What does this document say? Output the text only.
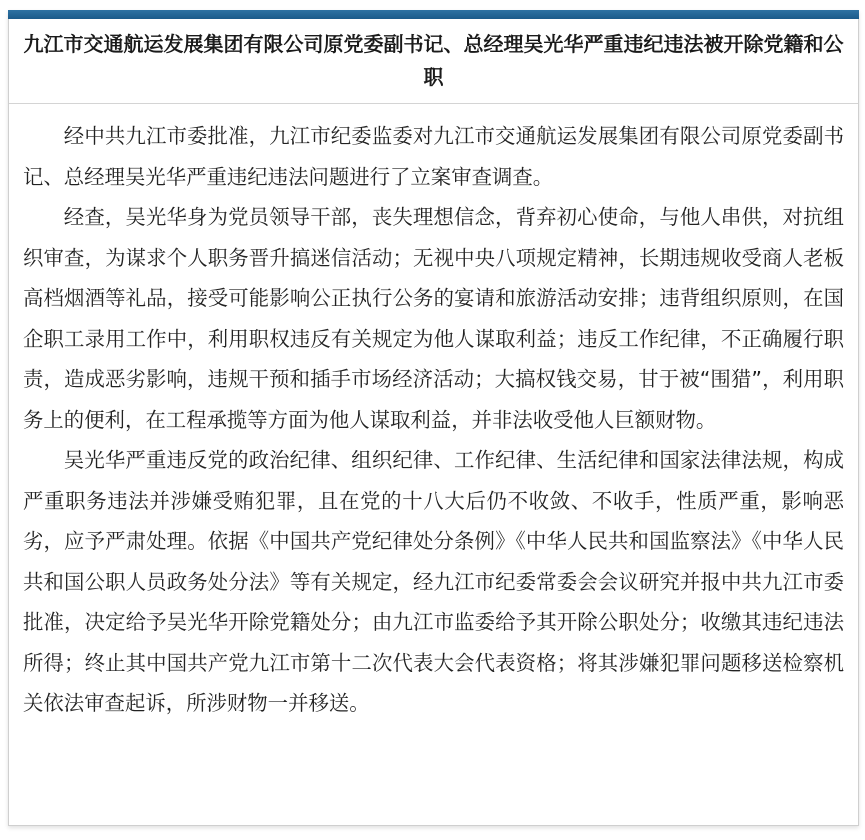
九江市交通航运发展集团有限公司原党委副书记、总经理吴光华严重违纪违法被开除党籍和公职

经中共九江市委批准，九江市纪委监委对九江市交通航运发展集团有限公司原党委副书记、总经理吴光华严重违纪违法问题进行了立案审查调查。

经查，吴光华身为党员领导干部，丧失理想信念，背弃初心使命，与他人串供，对抗组织审查，为谋求个人职务晋升搞迷信活动；无视中央八项规定精神，长期违规收受商人老板高档烟酒等礼品，接受可能影响公正执行公务的宴请和旅游活动安排；违背组织原则，在国企职工录用工作中，利用职权违反有关规定为他人谋取利益；违反工作纪律，不正确履行职责，造成恶劣影响，违规干预和插手市场经济活动；大搞权钱交易，甘于被“围猎”，利用职务上的便利，在工程承揽等方面为他人谋取利益，并非法收受他人巨额财物。

吴光华严重违反党的政治纪律、组织纪律、工作纪律、生活纪律和国家法律法规，构成严重职务违法并涉嫌受贿犯罪，且在党的十八大后仍不收敛、不收手，性质严重，影响恶劣，应予严肃处理。依据《中国共产党纪律处分条例》《中华人民共和国监察法》《中华人民共和国公职人员政务处分法》等有关规定，经九江市纪委常委会会议研究并报中共九江市委批准，决定给予吴光华开除党籍处分；由九江市监委给予其开除公职处分；收缴其违纪违法所得；终止其中国共产党九江市第十二次代表大会代表资格；将其涉嫌犯罪问题移送检察机关依法审查起诉，所涉财物一并移送。
